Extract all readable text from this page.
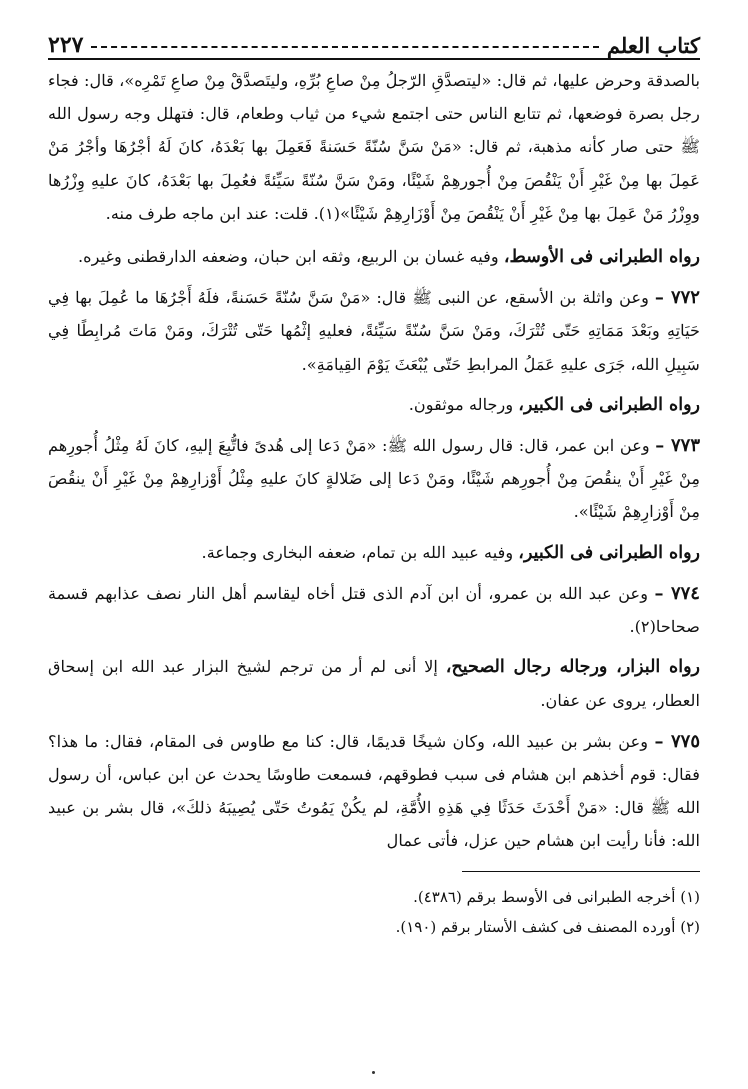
كتاب العلم
٢٢٧

بالصدقة وحرض عليها، ثم قال: «ليتصدَّقِ الرّجلُ مِنْ صاعِ بُرِّهِ، وليتَصدَّقْ مِنْ صاعِ تَمْرِه»، قال: فجاء رجل بصرة فوضعها، ثم تتابع الناس حتى اجتمع شيء من ثياب وطعام، قال: فتهلل وجه رسول الله ﷺ حتى صار كأنه مذهبة، ثم قال: «مَنْ سَنَّ سُنّةً حَسَنةً فَعَمِلَ بها بَعْدَهُ، كانَ لَهُ أجْرُهَا وأجْرُ مَنْ عَمِلَ بها مِنْ غَيْرِ أَنْ يَنْقُصَ مِنْ أُجورهِمْ شَيْئًا، ومَنْ سَنَّ سُنّةً سَيِّئةً فعُمِلَ بها بَعْدَهُ، كانَ عليهِ وِزْرُها ووِزْرُ مَنْ عَمِلَ بها مِنْ غَيْرِ أَنْ يَنْقُصَ مِنْ أَوْزَارِهِمْ شَيْئًا»(١). قلت: عند ابن ماجه طرف منه.

رواه الطبرانى فى الأوسط، وفيه غسان بن الربيع، وثقه ابن حبان، وضعفه الدارقطنى وغيره.

٧٧٢ – وعن واثلة بن الأسقع، عن النبى ﷺ قال: «مَنْ سَنَّ سُنّةً حَسَنةً، فلَهُ أَجْرُهَا ما عُمِلَ بها فِي حَيَاتِهِ وبَعْدَ مَمَاتِهِ حَتّى تُتْرَكَ، ومَنْ سَنَّ سُنّةً سَيِّئةً، فعليهِ إثْمُها حَتّى تُتْرَكَ، ومَنْ مَاتَ مُرابِطًا فِي سَبِيلِ الله، جَرَى عليهِ عَمَلُ المرابطِ حَتّى يُبْعَثَ يَوْمَ القِيامَةِ».

رواه الطبرانى فى الكبير، ورجاله موثقون.

٧٧٣ – وعن ابن عمر، قال: قال رسول الله ﷺ: «مَنْ دَعا إلى هُدىً فاتُّبِعَ إليهِ، كانَ لَهُ مِثْلُ أُجورِهم مِنْ غَيْرِ أَنْ ينقُصَ مِنْ أُجورِهم شَيْئًا، ومَنْ دَعا إلى ضَلالةٍ كانَ عليهِ مِثْلُ أَوْزارِهِمْ مِنْ غَيْرِ أَنْ ينقُصَ مِنْ أَوْزارِهِمْ شَيْئًا».

رواه الطبرانى فى الكبير، وفيه عبيد الله بن تمام، ضعفه البخارى وجماعة.

٧٧٤ – وعن عبد الله بن عمرو، أن ابن آدم الذى قتل أخاه ليقاسم أهل النار نصف عذابهم قسمة صحاحا(٢).

رواه البزار، ورجاله رجال الصحيح، إلا أنى لم أر من ترجم لشيخ البزار عبد الله ابن إسحاق العطار، يروى عن عفان.

٧٧٥ – وعن بشر بن عبيد الله، وكان شيخًا قديمًا، قال: كنا مع طاوس فى المقام، فقال: ما هذا؟ فقال: قوم أخذهم ابن هشام فى سبب فطوقهم، فسمعت طاوسًا يحدث عن ابن عباس، أن رسول الله ﷺ قال: «مَنْ أَحْدَثَ حَدَثًا فِي هَذِهِ الأُمَّةِ، لم يكُنْ يَمُوتُ حَتّى يُصِيبَهُ ذلكَ»، قال بشر بن عبيد الله: فأنا رأيت ابن هشام حين عزل، فأتى عمال

(١) أخرجه الطبرانى فى الأوسط برقم (٤٣٨٦).

(٢) أورده المصنف فى كشف الأستار برقم (١٩٠).
